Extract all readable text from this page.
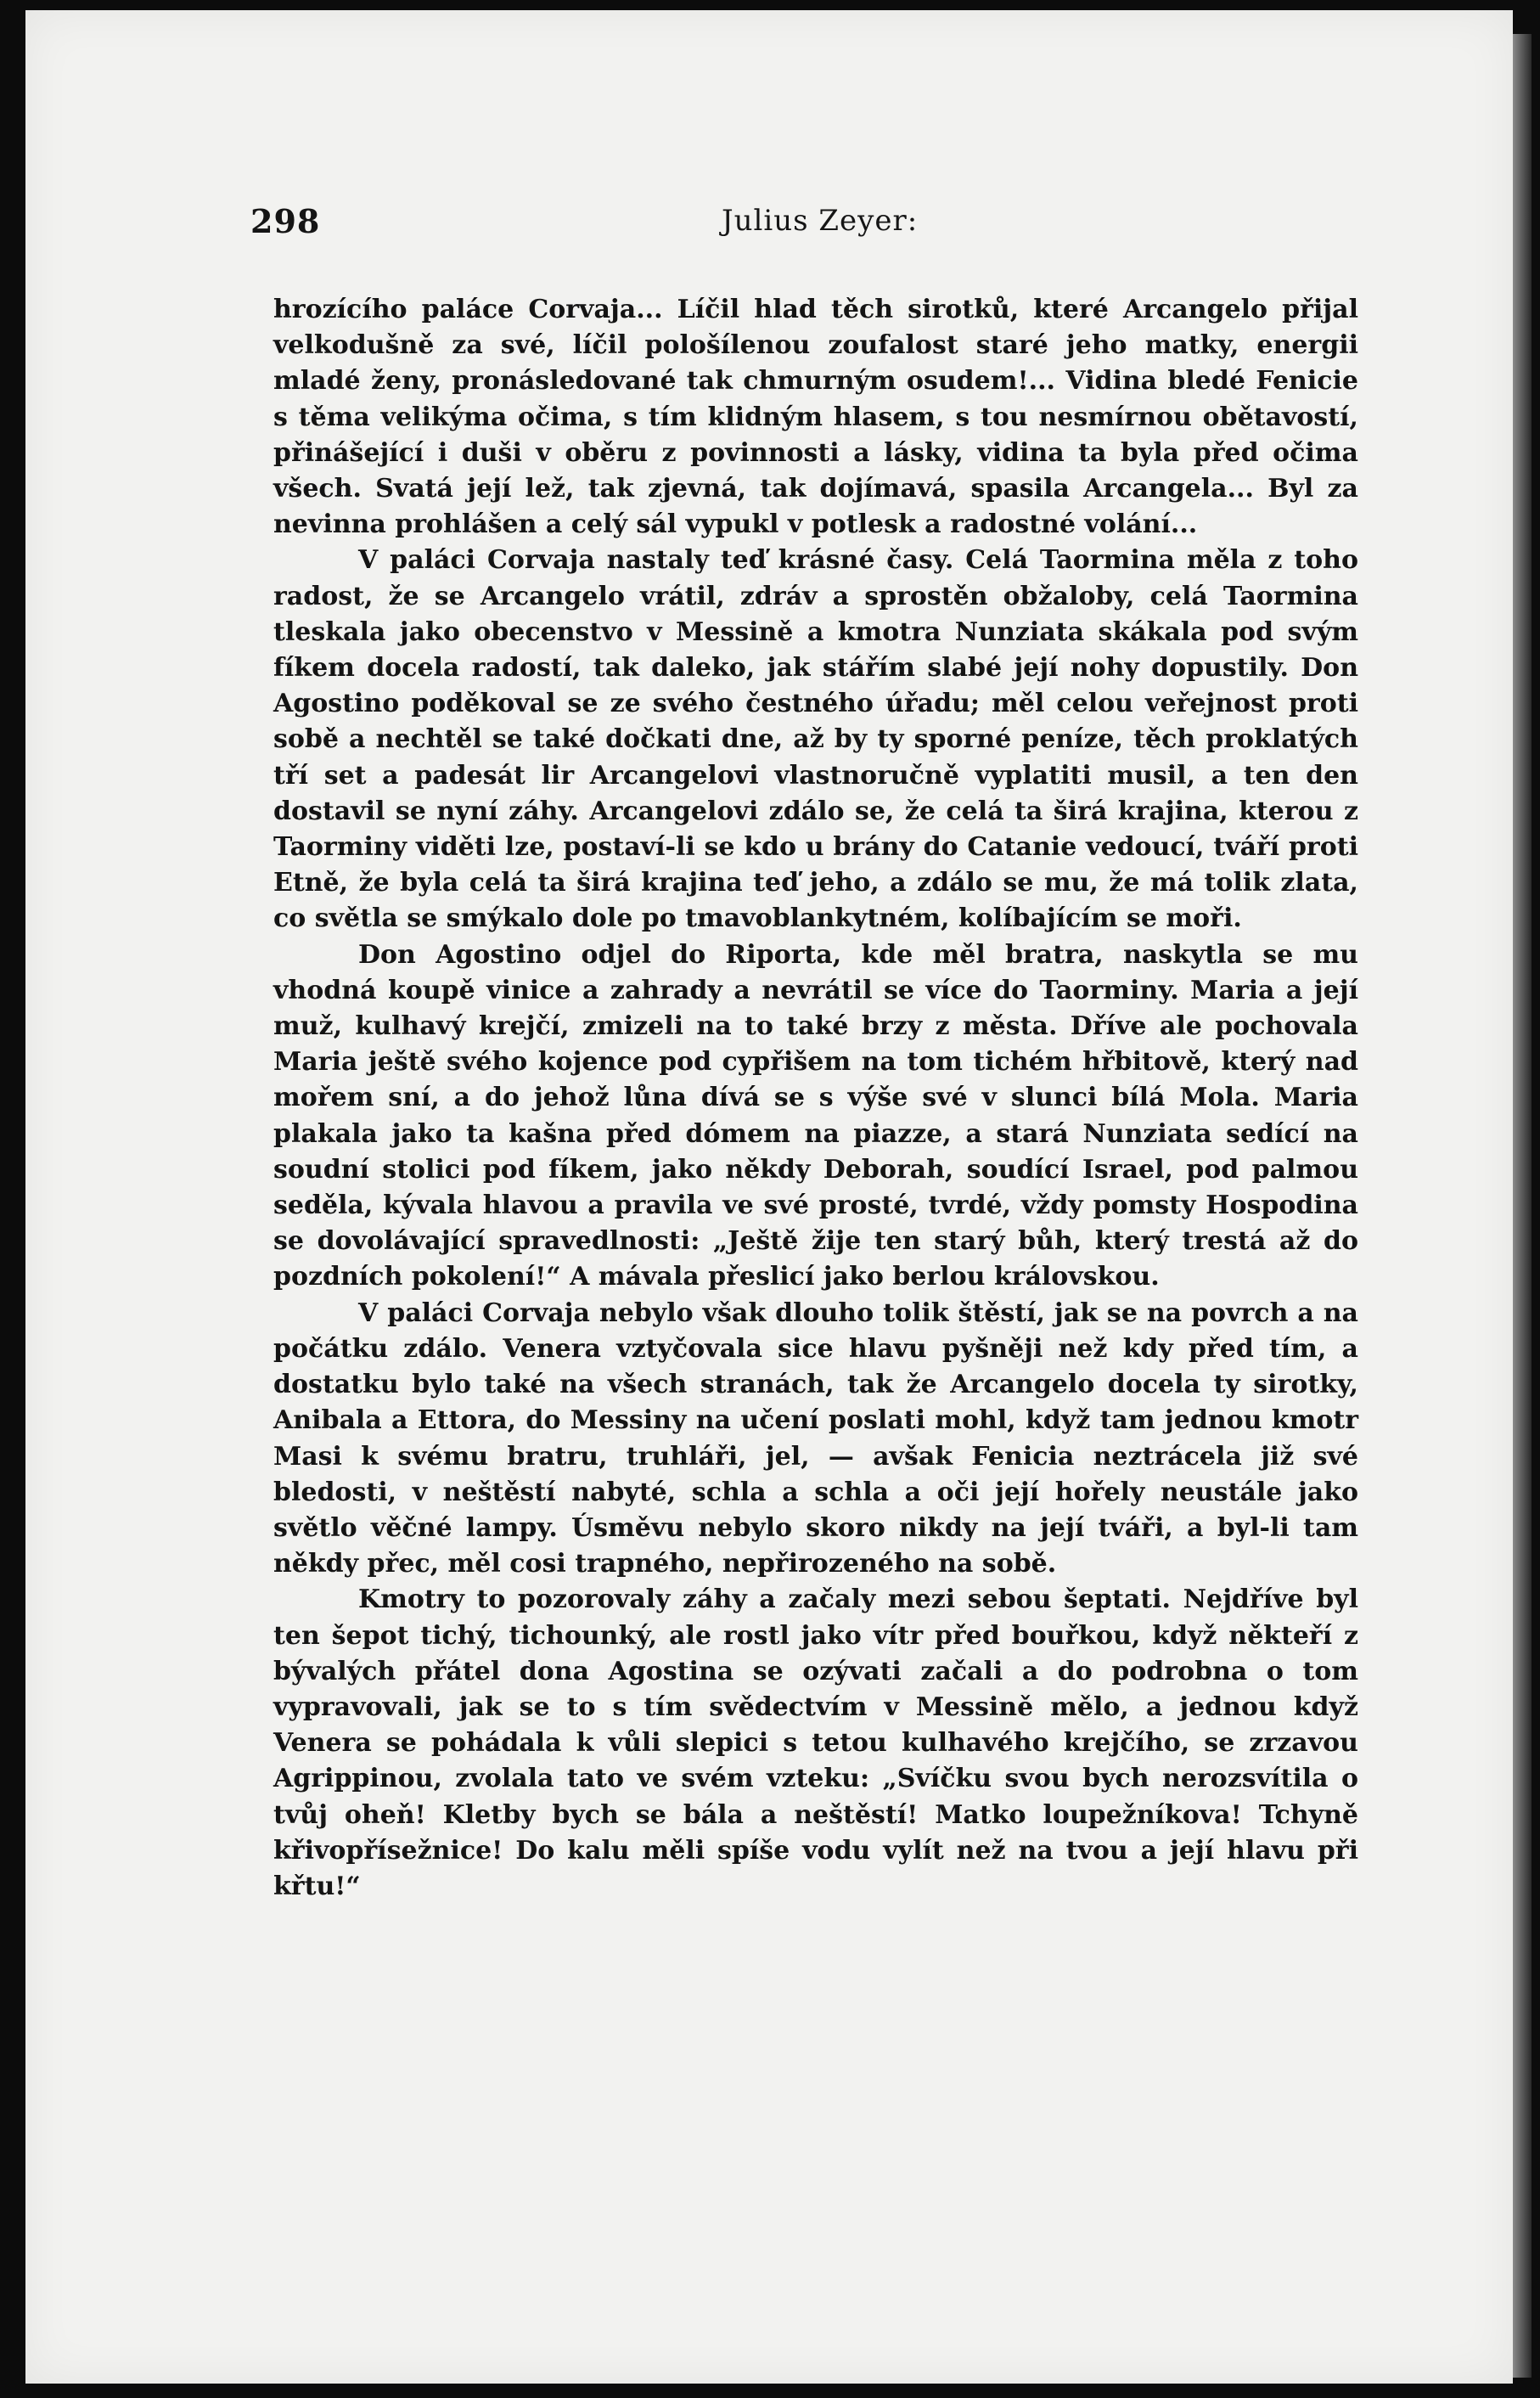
298	Julius Zeyer:

hrozícího paláce Corvaja... Líčil hlad těch sirotků, které Arcangelo přijal velkodušně za své, líčil pološílenou zoufalost staré jeho matky, energii mladé ženy, pronásledované tak chmurným osudem!... Vidina bledé Fenicie s těma velikýma očima, s tím klidným hlasem, s tou nesmírnou obětavostí, přinášející i duši v oběru z povinnosti a lásky, vidina ta byla před očima všech. Svatá její lež, tak zjevná, tak dojímavá, spasila Arcangela... Byl za nevinna prohlášen a celý sál vypukl v potlesk a radostné volání...

V paláci Corvaja nastaly teď krásné časy. Celá Taormina měla z toho radost, že se Arcangelo vrátil, zdráv a sprostěn obžaloby, celá Taormina tleskala jako obecenstvo v Messině a kmotra Nunziata skákala pod svým fíkem docela radostí, tak daleko, jak stářím slabé její nohy dopustily. Don Agostino poděkoval se ze svého čestného úřadu; měl celou veřejnost proti sobě a nechtěl se také dočkati dne, až by ty sporné peníze, těch proklatých tří set a padesát lir Arcangelovi vlastnoručně vyplatiti musil, a ten den dostavil se nyní záhy. Arcangelovi zdálo se, že celá ta širá krajina, kterou z Taorminy viděti lze, postaví-li se kdo u brány do Catanie vedoucí, tváří proti Etně, že byla celá ta širá krajina teď jeho, a zdálo se mu, že má tolik zlata, co světla se smýkalo dole po tmavoblankytném, kolíbajícím se moři.

Don Agostino odjel do Riporta, kde měl bratra, naskytla se mu vhodná koupě vinice a zahrady a nevrátil se více do Taorminy. Maria a její muž, kulhavý krejčí, zmizeli na to také brzy z města. Dříve ale pochovala Maria ještě svého kojence pod cypřišem na tom tichém hřbitově, který nad mořem sní, a do jehož lůna dívá se s výše své v slunci bílá Mola. Maria plakala jako ta kašna před dómem na piazze, a stará Nunziata sedící na soudní stolici pod fíkem, jako někdy Deborah, soudící Israel, pod palmou seděla, kývala hlavou a pravila ve své prosté, tvrdé, vždy pomsty Hospodina se dovolávající spravedlnosti: „Ještě žije ten starý bůh, který trestá až do pozdních pokolení!“ A mávala přeslicí jako berlou královskou.

V paláci Corvaja nebylo však dlouho tolik štěstí, jak se na povrch a na počátku zdálo. Venera vztyčovala sice hlavu pyšněji než kdy před tím, a dostatku bylo také na všech stranách, tak že Arcangelo docela ty sirotky, Anibala a Ettora, do Messiny na učení poslati mohl, když tam jednou kmotr Masi k svému bratru, truhláři, jel, — avšak Fenicia neztrácela již své bledosti, v neštěstí nabyté, schla a schla a oči její hořely neustále jako světlo věčné lampy. Úsměvu nebylo skoro nikdy na její tváři, a byl-li tam někdy přec, měl cosi trapného, nepřirozeného na sobě.

Kmotry to pozorovaly záhy a začaly mezi sebou šeptati. Nejdříve byl ten šepot tichý, tichounký, ale rostl jako vítr před bouřkou, když někteří z bývalých přátel dona Agostina se ozývati začali a do podrobna o tom vypravovali, jak se to s tím svědectvím v Messině mělo, a jednou když Venera se pohádala k vůli slepici s tetou kulhavého krejčího, se zrzavou Agrippinou, zvolala tato ve svém vzteku: „Svíčku svou bych nerozsvítila o tvůj oheň! Kletby bych se bála a neštěstí! Matko loupežníkova! Tchyně křivopřísežnice! Do kalu měli spíše vodu vylít než na tvou a její hlavu při křtu!“
